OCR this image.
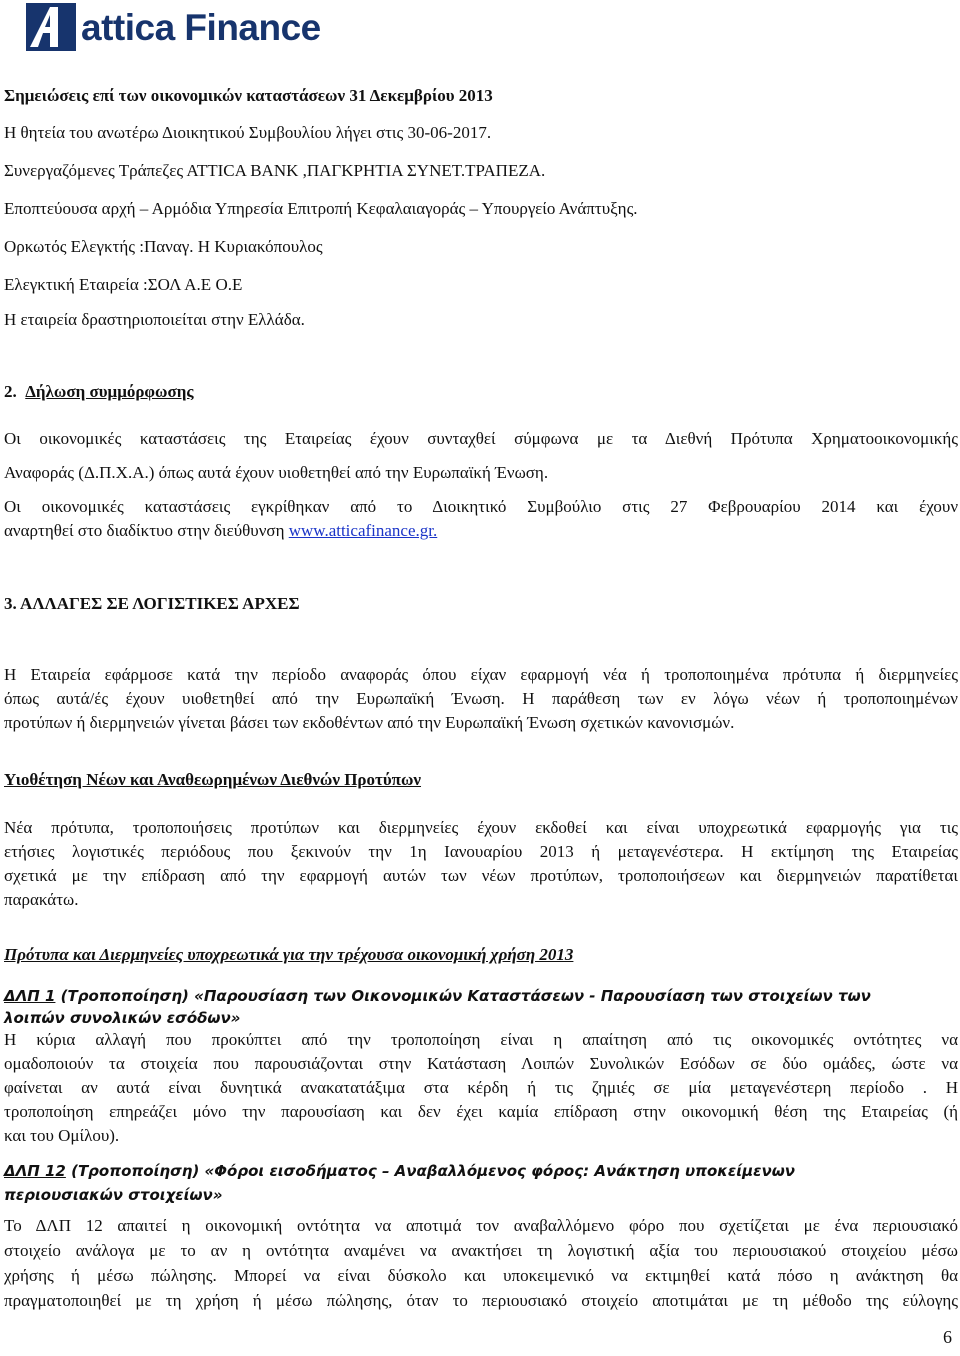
attica Finance
Σημειώσεις επί των οικονομικών καταστάσεων 31 Δεκεμβρίου 2013
Η θητεία του ανωτέρω Διοικητικού Συμβουλίου λήγει στις 30-06-2017.
Συνεργαζόμενες Τράπεζες ΑΤΤΙCA BANK ,ΠΑΓΚΡΗΤΙΑ ΣΥΝΕΤ.ΤΡΑΠΕΖΑ.
Εποπτεύουσα αρχή – Αρμόδια Υπηρεσία Επιτροπή Κεφαλαιαγοράς – Υπουργείο Ανάπτυξης.
Ορκωτός Ελεγκτής :Παναγ. Η Κυριακόπουλος
Ελεγκτική Εταιρεία :ΣΟΛ Α.Ε Ο.Ε
Η εταιρεία δραστηριοποιείται στην Ελλάδα.
2. Δήλωση συμμόρφωσης
Οι οικονομικές καταστάσεις της Εταιρείας έχουν συνταχθεί σύμφωνα με τα Διεθνή Πρότυπα Χρηματοοικονομικής
Αναφοράς (Δ.Π.Χ.Α.) όπως αυτά έχουν υιοθετηθεί από την Ευρωπαϊκή Ένωση.
Οι οικονομικές καταστάσεις εγκρίθηκαν από το Διοικητικό Συμβούλιο στις 27 Φεβρουαρίου 2014 και έχουν
αναρτηθεί στο διαδίκτυο στην διεύθυνση www.atticafinance.gr.
3. ΑΛΛΑΓΕΣ ΣΕ ΛΟΓΙΣΤΙΚΕΣ ΑΡΧΕΣ
Η Εταιρεία εφάρμοσε κατά την περίοδο αναφοράς όπου είχαν εφαρμογή νέα ή τροποποιημένα πρότυπα ή διερμηνείες
όπως αυτά/ές έχουν υιοθετηθεί από την Ευρωπαϊκή Ένωση. Η παράθεση των εν λόγω νέων ή τροποποιημένων
προτύπων ή διερμηνειών γίνεται βάσει των εκδοθέντων από την Ευρωπαϊκή Ένωση σχετικών κανονισμών.
Υιοθέτηση Νέων και Αναθεωρημένων Διεθνών Προτύπων
Νέα πρότυπα, τροποποιήσεις προτύπων και διερμηνείες έχουν εκδοθεί και είναι υποχρεωτικά εφαρμογής για τις
ετήσιες λογιστικές περιόδους που ξεκινούν την 1η Ιανουαρίου 2013 ή μεταγενέστερα. Η εκτίμηση της Εταιρείας
σχετικά με την επίδραση από την εφαρμογή αυτών των νέων προτύπων, τροποποιήσεων και διερμηνειών παρατίθεται
παρακάτω.
Πρότυπα και Διερμηνείες υποχρεωτικά για την τρέχουσα οικονομική χρήση 2013
ΔΛΠ 1 (Τροποποίηση) «Παρουσίαση των Οικονομικών Καταστάσεων - Παρουσίαση των στοιχείων των
λοιπών συνολικών εσόδων»
Η κύρια αλλαγή που προκύπτει από την τροποποίηση είναι η απαίτηση από τις οικονομικές οντότητες να
ομαδοποιούν τα στοιχεία που παρουσιάζονται στην Κατάσταση Λοιπών Συνολικών Εσόδων σε δύο ομάδες, ώστε να
φαίνεται αν αυτά είναι δυνητικά ανακατατάξιμα στα κέρδη ή τις ζημιές σε μία μεταγενέστερη περίοδο . Η
τροποποίηση επηρεάζει μόνο την παρουσίαση και δεν έχει καμία επίδραση στην οικονομική θέση της Εταιρείας (ή
και του Ομίλου).
ΔΛΠ 12 (Τροποποίηση) «Φόροι εισοδήματος – Αναβαλλόμενος φόρος: Ανάκτηση υποκείμενων
περιουσιακών στοιχείων»
Το ΔΛΠ 12 απαιτεί η οικονομική οντότητα να αποτιμά τον αναβαλλόμενο φόρο που σχετίζεται με ένα περιουσιακό
στοιχείο ανάλογα με το αν η οντότητα αναμένει να ανακτήσει τη λογιστική αξία του περιουσιακού στοιχείου μέσω
χρήσης ή μέσω πώλησης. Μπορεί να είναι δύσκολο και υποκειμενικό να εκτιμηθεί κατά πόσο η ανάκτηση θα
πραγματοποιηθεί με τη χρήση ή μέσω πώλησης, όταν το περιουσιακό στοιχείο αποτιμάται με τη μέθοδο της εύλογης
6
